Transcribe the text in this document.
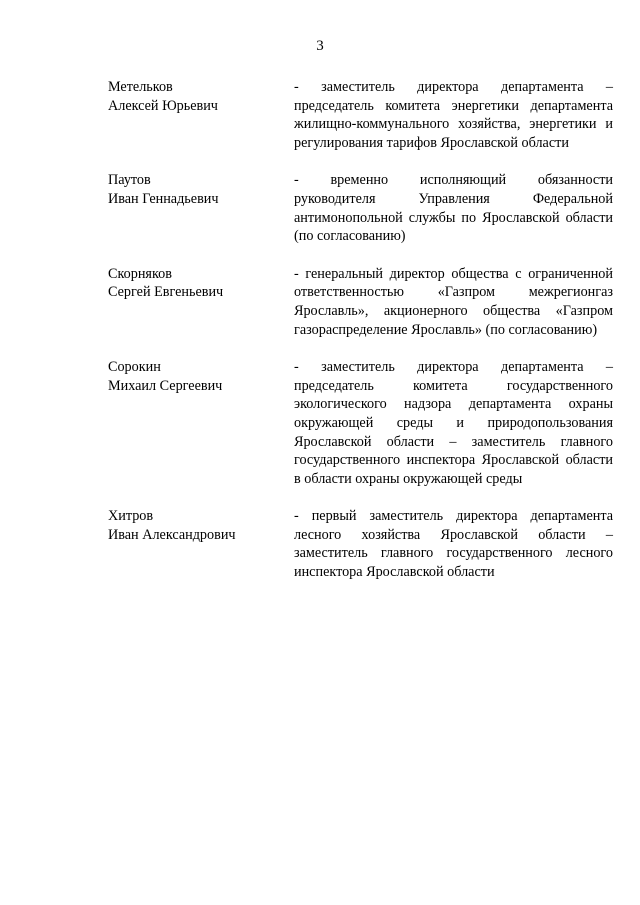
3
Метельков
Алексей Юрьевич
- заместитель директора департамента – председатель комитета энергетики департамента жилищно-коммунального хозяйства, энергетики и регулирования тарифов Ярославской области
Паутов
Иван Геннадьевич
- временно исполняющий обязанности руководителя Управления Федеральной антимонопольной службы по Ярославской области (по согласованию)
Скорняков
Сергей Евгеньевич
- генеральный директор общества с ограниченной ответственностью «Газпром межрегионгаз Ярославль», акционерного общества «Газпром газораспределение Ярославль» (по согласованию)
Сорокин
Михаил Сергеевич
- заместитель директора департамента – председатель комитета государственного экологического надзора департамента охраны окружающей среды и природопользования Ярославской области – заместитель главного государственного инспектора Ярославской области в области охраны окружающей среды
Хитров
Иван Александрович
- первый заместитель директора департамента лесного хозяйства Ярославской области – заместитель главного государственного лесного инспектора Ярославской области
